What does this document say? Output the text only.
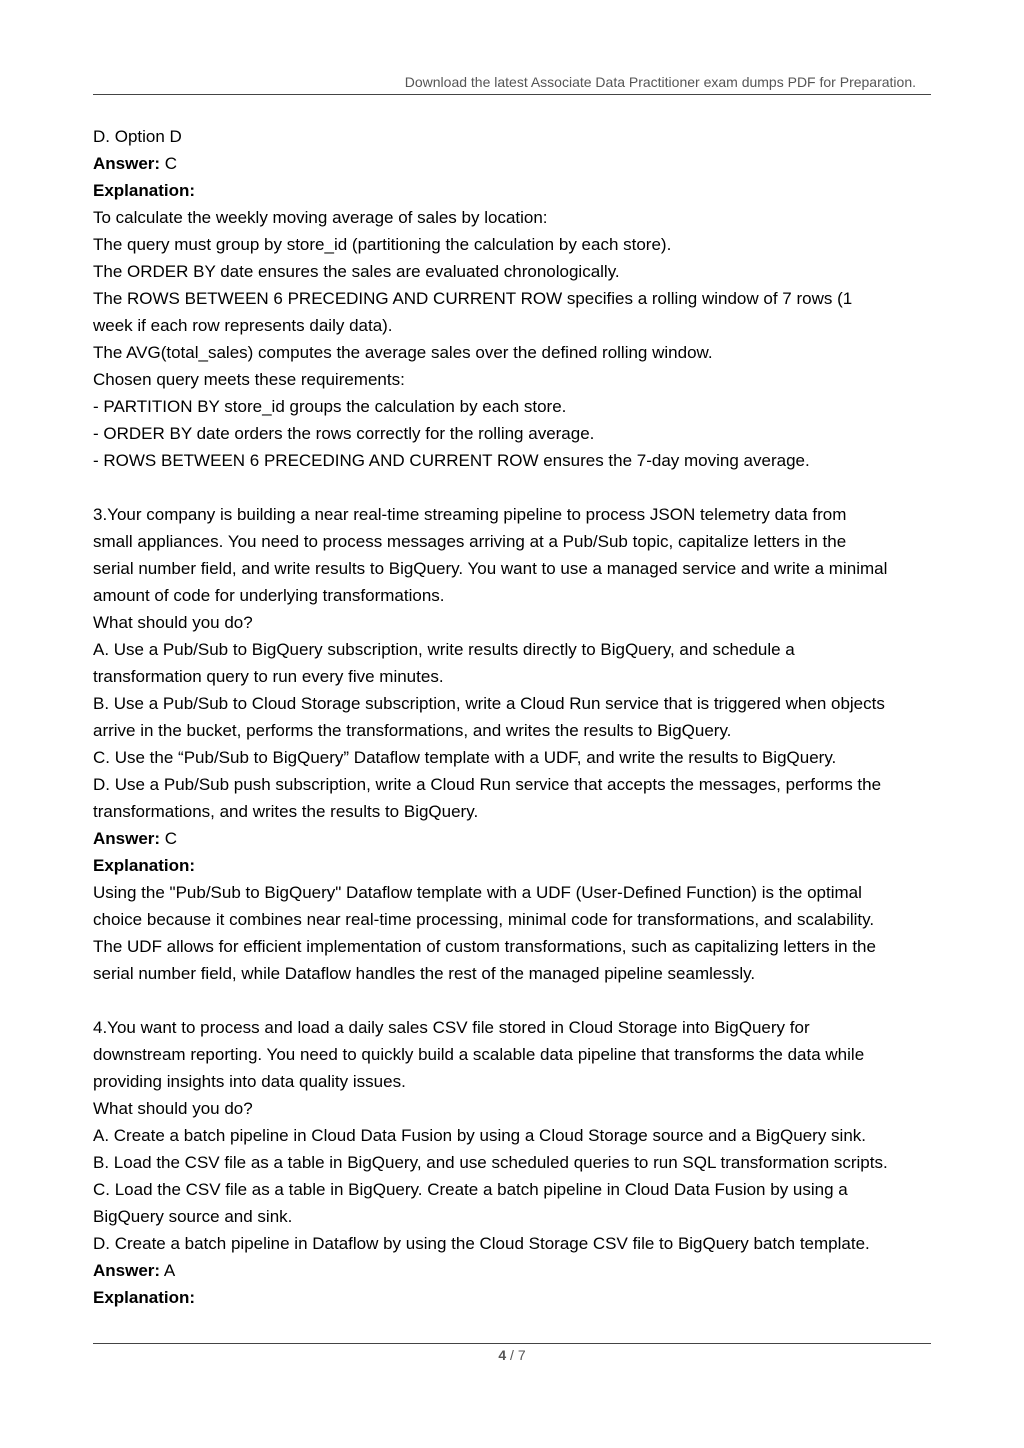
Download the latest Associate Data Practitioner exam dumps PDF for Preparation.
D. Option D
Answer: C
Explanation:
To calculate the weekly moving average of sales by location:
The query must group by store_id (partitioning the calculation by each store).
The ORDER BY date ensures the sales are evaluated chronologically.
The ROWS BETWEEN 6 PRECEDING AND CURRENT ROW specifies a rolling window of 7 rows (1
week if each row represents daily data).
The AVG(total_sales) computes the average sales over the defined rolling window.
Chosen query meets these requirements:
- PARTITION BY store_id groups the calculation by each store.
- ORDER BY date orders the rows correctly for the rolling average.
- ROWS BETWEEN 6 PRECEDING AND CURRENT ROW ensures the 7-day moving average.
3.Your company is building a near real-time streaming pipeline to process JSON telemetry data from
small appliances. You need to process messages arriving at a Pub/Sub topic, capitalize letters in the
serial number field, and write results to BigQuery. You want to use a managed service and write a minimal
amount of code for underlying transformations.
What should you do?
A. Use a Pub/Sub to BigQuery subscription, write results directly to BigQuery, and schedule a
transformation query to run every five minutes.
B. Use a Pub/Sub to Cloud Storage subscription, write a Cloud Run service that is triggered when objects
arrive in the bucket, performs the transformations, and writes the results to BigQuery.
C. Use the “Pub/Sub to BigQuery” Dataflow template with a UDF, and write the results to BigQuery.
D. Use a Pub/Sub push subscription, write a Cloud Run service that accepts the messages, performs the
transformations, and writes the results to BigQuery.
Answer: C
Explanation:
Using the "Pub/Sub to BigQuery" Dataflow template with a UDF (User-Defined Function) is the optimal
choice because it combines near real-time processing, minimal code for transformations, and scalability.
The UDF allows for efficient implementation of custom transformations, such as capitalizing letters in the
serial number field, while Dataflow handles the rest of the managed pipeline seamlessly.
4.You want to process and load a daily sales CSV file stored in Cloud Storage into BigQuery for
downstream reporting. You need to quickly build a scalable data pipeline that transforms the data while
providing insights into data quality issues.
What should you do?
A. Create a batch pipeline in Cloud Data Fusion by using a Cloud Storage source and a BigQuery sink.
B. Load the CSV file as a table in BigQuery, and use scheduled queries to run SQL transformation scripts.
C. Load the CSV file as a table in BigQuery. Create a batch pipeline in Cloud Data Fusion by using a
BigQuery source and sink.
D. Create a batch pipeline in Dataflow by using the Cloud Storage CSV file to BigQuery batch template.
Answer: A
Explanation:
4 / 7
